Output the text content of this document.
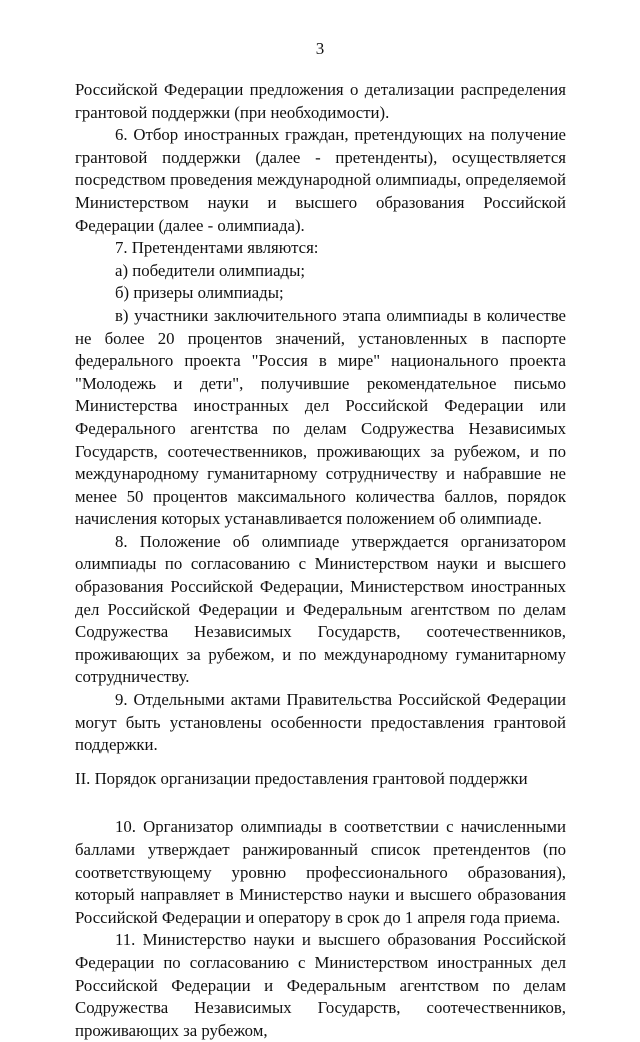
3

Российской Федерации предложения о детализации распределения грантовой поддержки (при необходимости).

6. Отбор иностранных граждан, претендующих на получение грантовой поддержки (далее - претенденты), осуществляется посредством проведения международной олимпиады, определяемой Министерством науки и высшего образования Российской Федерации (далее - олимпиада).

7. Претендентами являются:

а) победители олимпиады;

б) призеры олимпиады;

в) участники заключительного этапа олимпиады в количестве не более 20 процентов значений, установленных в паспорте федерального проекта "Россия в мире" национального проекта "Молодежь и дети", получившие рекомендательное письмо Министерства иностранных дел Российской Федерации или Федерального агентства по делам Содружества Независимых Государств, соотечественников, проживающих за рубежом, и по международному гуманитарному сотрудничеству и набравшие не менее 50 процентов максимального количества баллов, порядок начисления которых устанавливается положением об олимпиаде.

8. Положение об олимпиаде утверждается организатором олимпиады по согласованию с Министерством науки и высшего образования Российской Федерации, Министерством иностранных дел Российской Федерации и Федеральным агентством по делам Содружества Независимых Государств, соотечественников, проживающих за рубежом, и по международному гуманитарному сотрудничеству.

9. Отдельными актами Правительства Российской Федерации могут быть установлены особенности предоставления грантовой поддержки.

II. Порядок организации предоставления грантовой поддержки

10. Организатор олимпиады в соответствии с начисленными баллами утверждает ранжированный список претендентов (по соответствующему уровню профессионального образования), который направляет в Министерство науки и высшего образования Российской Федерации и оператору в срок до 1 апреля года приема.

11. Министерство науки и высшего образования Российской Федерации по согласованию с Министерством иностранных дел Российской Федерации и Федеральным агентством по делам Содружества Независимых Государств, соотечественников, проживающих за рубежом,
